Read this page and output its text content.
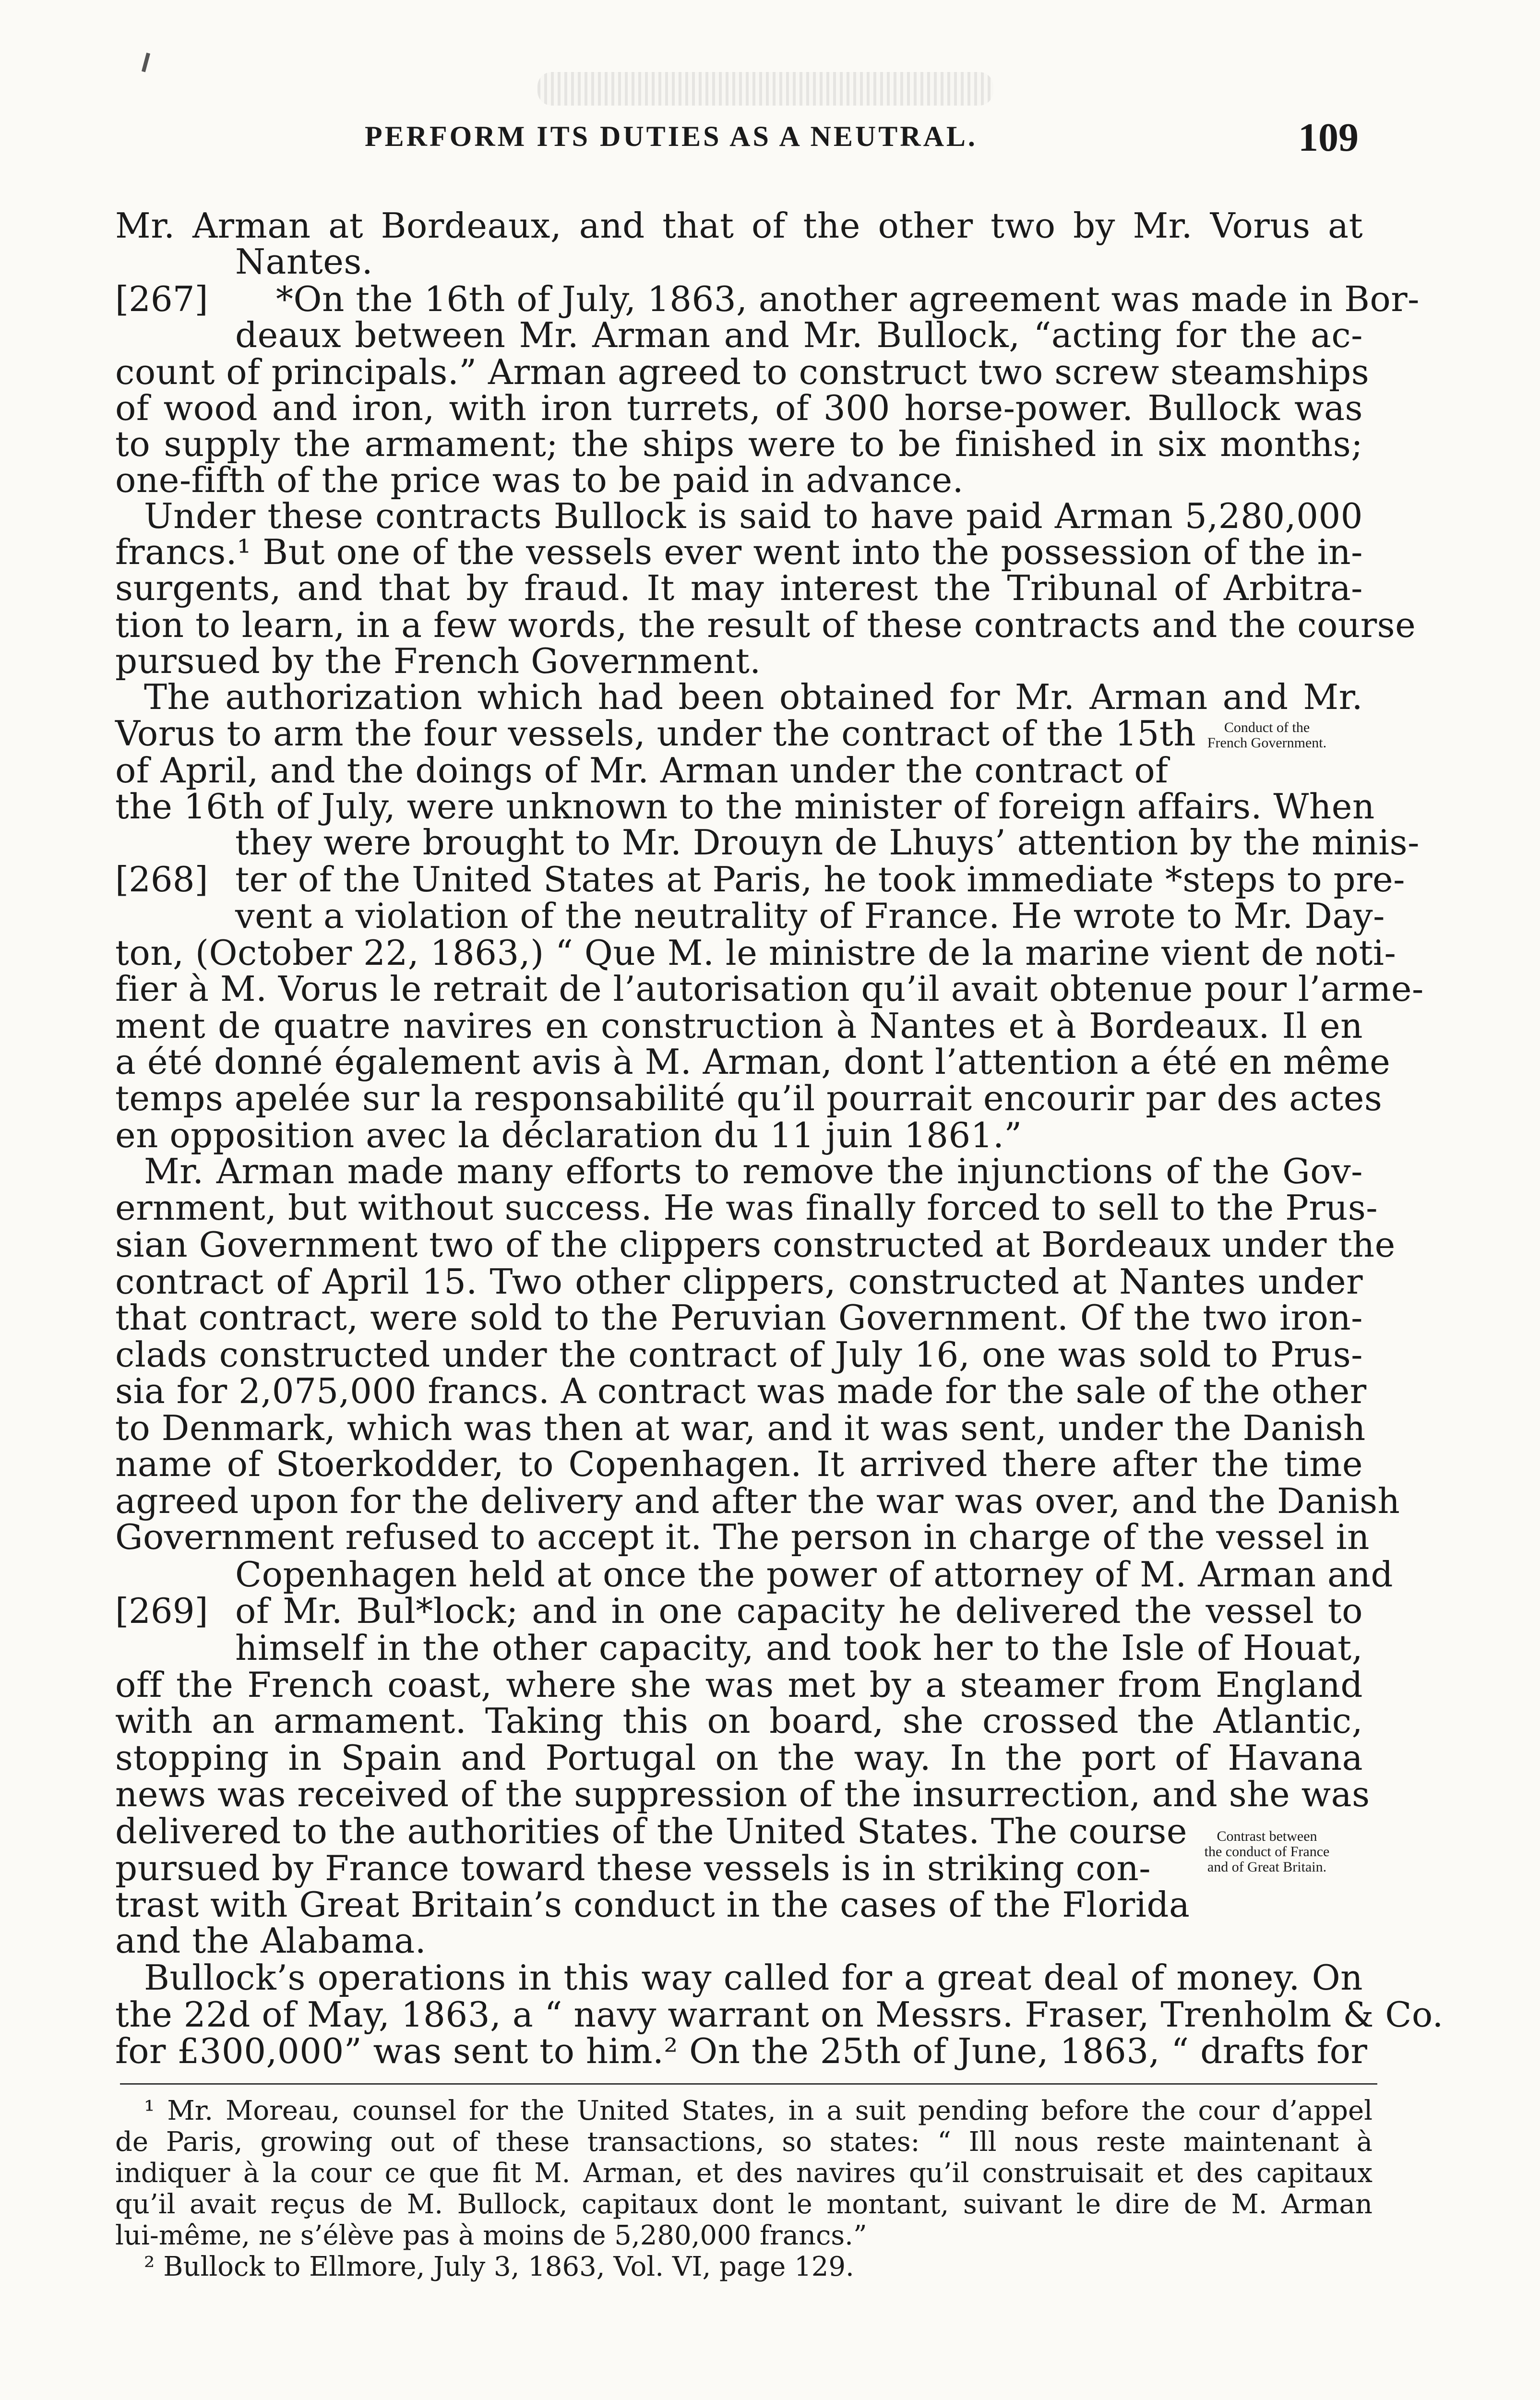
PERFORM ITS DUTIES AS A NEUTRAL.	109
Mr. Arman at Bordeaux, and that of the other two by Mr. Vorus at
Nantes.
[267] *On the 16th of July, 1863, another agreement was made in Bor-
deaux between Mr. Arman and Mr. Bullock, “acting for the ac-
count of principals.” Arman agreed to construct two screw steamships
of wood and iron, with iron turrets, of 300 horse-power. Bullock was
to supply the armament; the ships were to be finished in six months;
one-fifth of the price was to be paid in advance.
Under these contracts Bullock is said to have paid Arman 5,280,000
francs.¹ But one of the vessels ever went into the possession of the in-
surgents, and that by fraud. It may interest the Tribunal of Arbitra-
tion to learn, in a few words, the result of these contracts and the course
pursued by the French Government.
The authorization which had been obtained for Mr. Arman and Mr.
Vorus to arm the four vessels, under the contract of the 15th
of April, and the doings of Mr. Arman under the contract of
the 16th of July, were unknown to the minister of foreign affairs. When
they were brought to Mr. Drouyn de Lhuys’ attention by the minis-
[268] ter of the United States at Paris, he took immediate *steps to pre-
vent a violation of the neutrality of France. He wrote to Mr. Day-
ton, (October 22, 1863,) “ Que M. le ministre de la marine vient de noti-
fier à M. Vorus le retrait de l’autorisation qu’il avait obtenue pour l’arme-
ment de quatre navires en construction à Nantes et à Bordeaux. Il en
a été donné également avis à M. Arman, dont l’attention a été en même
temps apelée sur la responsabilité qu’il pourrait encourir par des actes
en opposition avec la déclaration du 11 juin 1861.”
Mr. Arman made many efforts to remove the injunctions of the Gov-
ernment, but without success. He was finally forced to sell to the Prus-
sian Government two of the clippers constructed at Bordeaux under the
contract of April 15. Two other clippers, constructed at Nantes under
that contract, were sold to the Peruvian Government. Of the two iron-
clads constructed under the contract of July 16, one was sold to Prus-
sia for 2,075,000 francs. A contract was made for the sale of the other
to Denmark, which was then at war, and it was sent, under the Danish
name of Stoerkodder, to Copenhagen. It arrived there after the time
agreed upon for the delivery and after the war was over, and the Danish
Government refused to accept it. The person in charge of the vessel in
Copenhagen held at once the power of attorney of M. Arman and
[269] of Mr. Bul*lock; and in one capacity he delivered the vessel to
himself in the other capacity, and took her to the Isle of Houat,
off the French coast, where she was met by a steamer from England
with an armament. Taking this on board, she crossed the Atlantic,
stopping in Spain and Portugal on the way. In the port of Havana
news was received of the suppression of the insurrection, and she was
delivered to the authorities of the United States. The course
pursued by France toward these vessels is in striking con-
trast with Great Britain’s conduct in the cases of the Florida
and the Alabama.
Bullock’s operations in this way called for a great deal of money. On
the 22d of May, 1863, a “ navy warrant on Messrs. Fraser, Trenholm & Co.
for £300,000” was sent to him.² On the 25th of June, 1863, “ drafts for
Conduct of the
French Government.
Contrast between
the conduct of France
and of Great Britain.
¹ Mr. Moreau, counsel for the United States, in a suit pending before the cour d’appel
de Paris, growing out of these transactions, so states: “ Ill nous reste maintenant à
indiquer à la cour ce que fit M. Arman, et des navires qu’il construisait et des capitaux
qu’il avait reçus de M. Bullock, capitaux dont le montant, suivant le dire de M. Arman
lui-même, ne s’élève pas à moins de 5,280,000 francs.”
² Bullock to Ellmore, July 3, 1863, Vol. VI, page 129.
